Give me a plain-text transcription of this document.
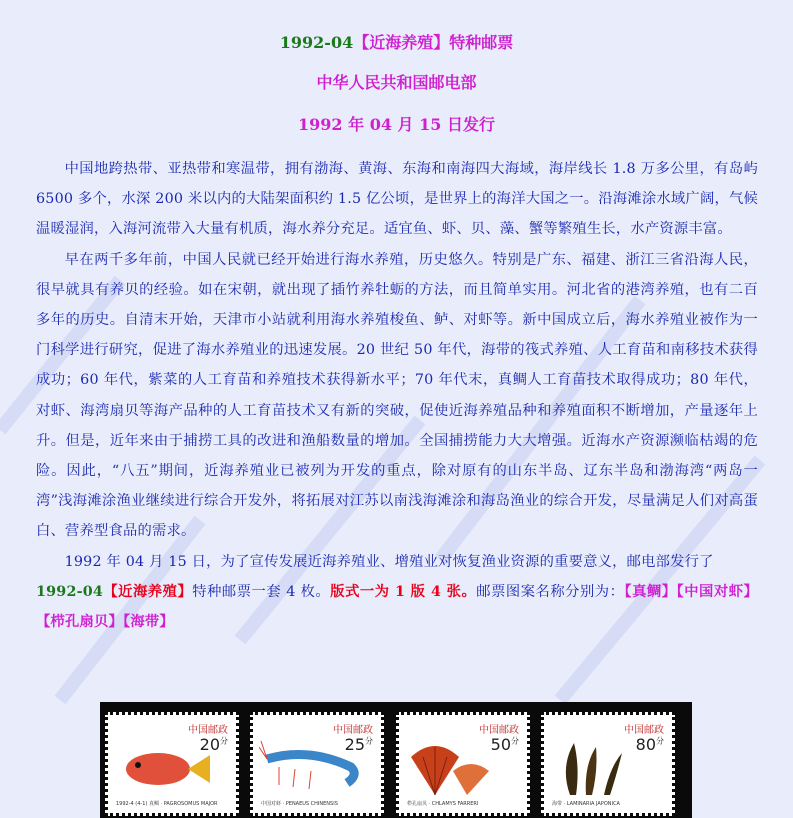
1992-04【近海养殖】特种邮票
中华人民共和国邮电部
1992 年 04 月 15 日发行

中国地跨热带、亚热带和寒温带，拥有渤海、黄海、东海和南海四大海域，海岸线长 1.8 万多公里，有岛屿 6500 多个，水深 200 米以内的大陆架面积约 1.5 亿公顷，是世界上的海洋大国之一。沿海滩涂水域广阔，气候温暖湿润，入海河流带入大量有机质，海水养分充足。适宜鱼、虾、贝、藻、蟹等繁殖生长，水产资源丰富。

早在两千多年前，中国人民就已经开始进行海水养殖，历史悠久。特别是广东、福建、浙江三省沿海人民，很早就具有养贝的经验。如在宋朝，就出现了插竹养牡蛎的方法，而且简单实用。河北省的港湾养殖，也有二百多年的历史。自清末开始，天津市小站就利用海水养殖梭鱼、鲈、对虾等。新中国成立后，海水养殖业被作为一门科学进行研究，促进了海水养殖业的迅速发展。20 世纪 50 年代，海带的筏式养殖、人工育苗和南移技术获得成功；60 年代，紫菜的人工育苗和养殖技术获得新水平；70 年代末，真鲷人工育苗技术取得成功；80 年代，对虾、海湾扇贝等海产品种的人工育苗技术又有新的突破，促使近海养殖品种和养殖面积不断增加，产量逐年上升。但是，近年来由于捕捞工具的改进和渔船数量的增加。全国捕捞能力大大增强。近海水产资源濒临枯竭的危险。因此，“八五”期间，近海养殖业已被列为开发的重点，除对原有的山东半岛、辽东半岛和渤海湾“两岛一湾”浅海滩涂渔业继续进行综合开发外，将拓展对江苏以南浅海滩涂和海岛渔业的综合开发，尽量满足人们对高蛋白、营养型食品的需求。

1992 年 04 月 15 日，为了宣传发展近海养殖业、增殖业对恢复渔业资源的重要意义，邮电部发行了
1992-04【近海养殖】特种邮票一套 4 枚。版式一为 1 版 4 张。邮票图案名称分别为：【真鲷】【中国对虾】【栉孔扇贝】【海带】

中国邮政
$20^分$
1992-4 (4-1) 真鲷 · PAGROSOMUS MAJOR
中国邮政
$25^分$
中国对虾 · PENAEUS CHINENSIS
中国邮政
$50^分$
栉孔扇贝 · CHLAMYS FARRERI
中国邮政
$80^分$
海带 · LAMINARIA JAPONICA
